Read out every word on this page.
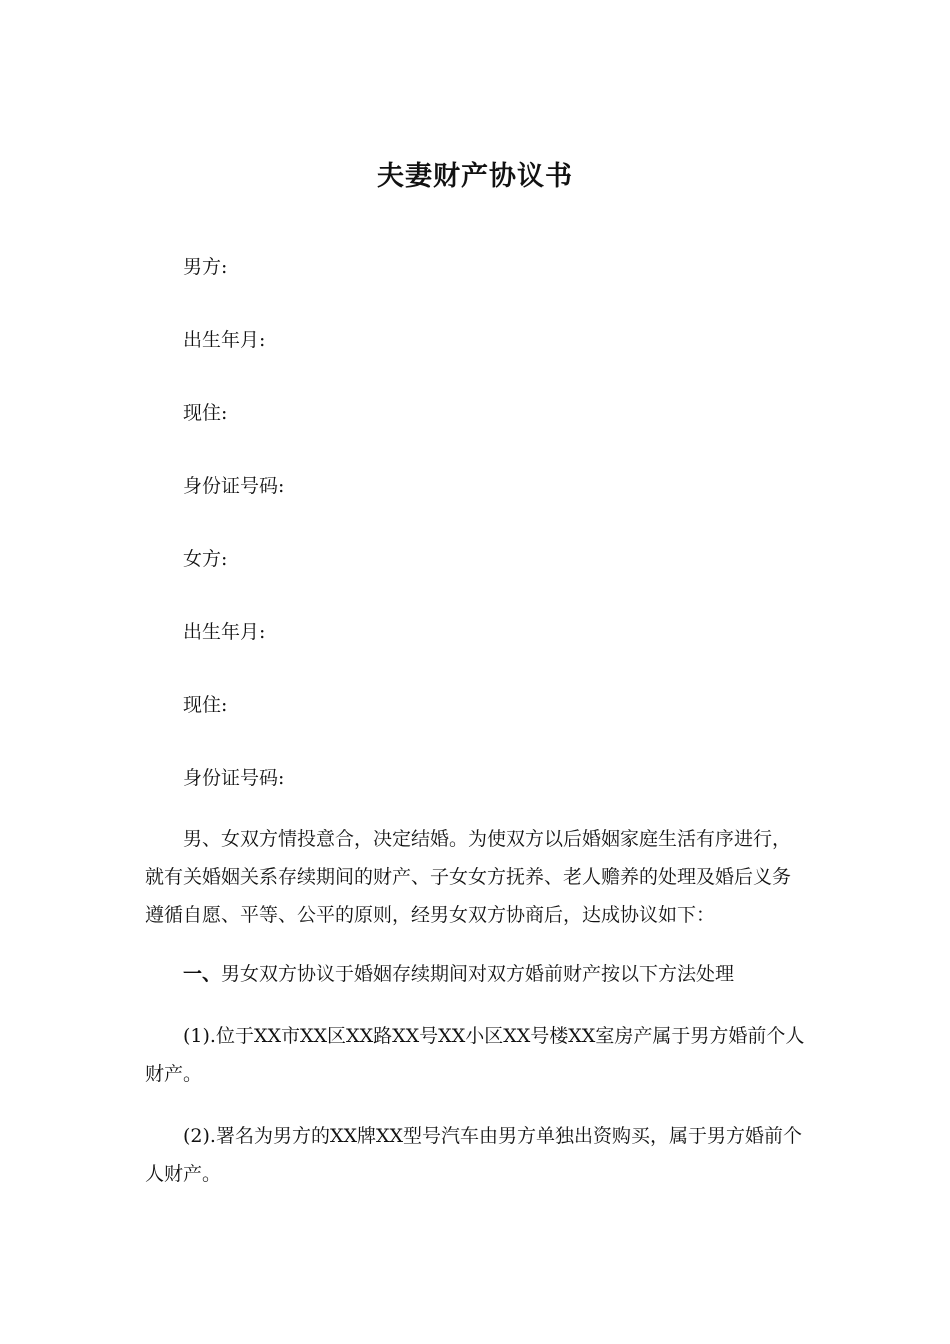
夫妻财产协议书
男方:
出生年月:
现住:
身份证号码:
女方:
出生年月:
现住:
身份证号码:
男、女双方情投意合，决定结婚。为使双方以后婚姻家庭生活有序进行，就有关婚姻关系存续期间的财产、子女女方抚养、老人赡养的处理及婚后义务遵循自愿、平等、公平的原则，经男女双方协商后，达成协议如下：
一、男女双方协议于婚姻存续期间对双方婚前财产按以下方法处理
(1).位于XX市XX区XX路XX号XX小区XX号楼XX室房产属于男方婚前个人财产。
(2).署名为男方的XX牌XX型号汽车由男方单独出资购买，属于男方婚前个人财产。
